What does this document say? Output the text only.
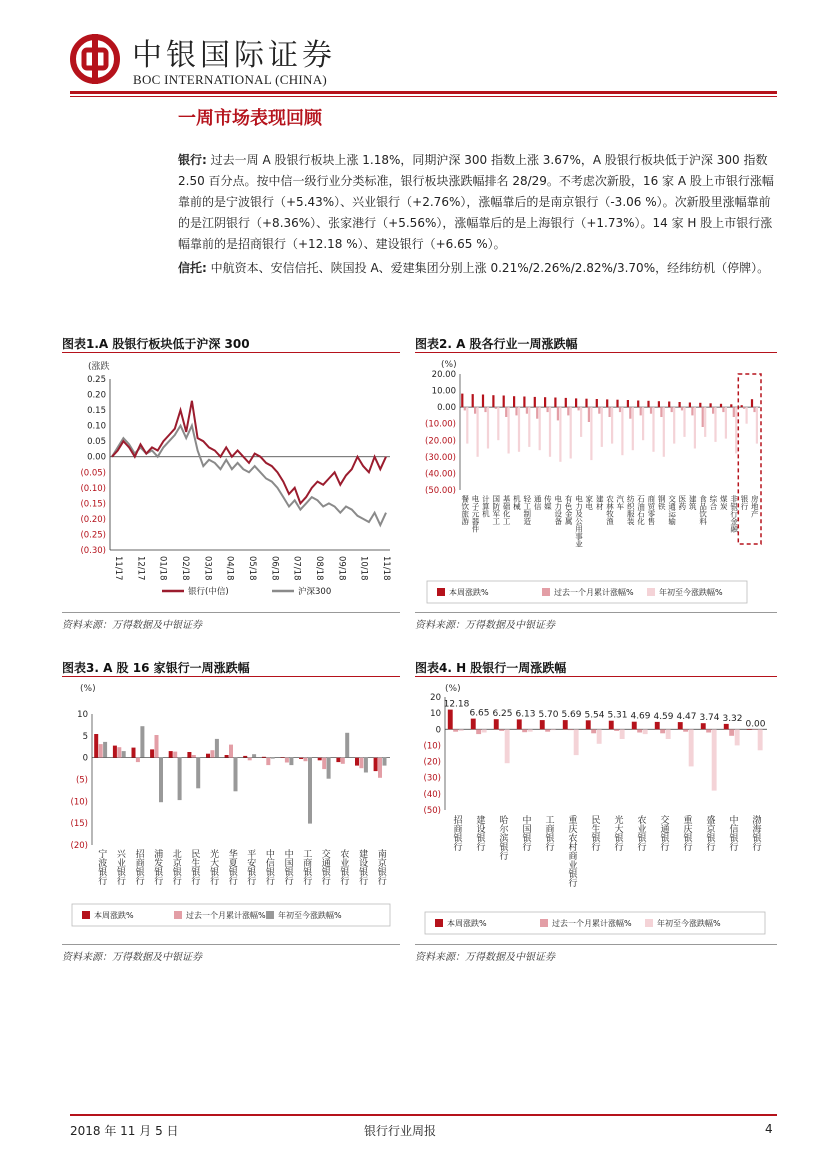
中银国际证券
BOC INTERNATIONAL (CHINA)
一周市场表现回顾
银行: 过去一周 A 股银行板块上涨 1.18%，同期沪深 300 指数上涨 3.67%，A 股银行板块低于沪深 300 指数 2.50 百分点。按中信一级行业分类标准，银行板块涨跌幅排名 28/29。不考虑次新股，16 家 A 股上市银行涨幅靠前的是宁波银行（+5.43%）、兴业银行（+2.76%），涨幅靠后的是南京银行（-3.06 %）。次新股里涨幅靠前的是江阴银行（+8.36%）、张家港行（+5.56%），涨幅靠后的是上海银行（+1.73%）。14 家 H 股上市银行涨幅靠前的是招商银行（+12.18 %）、建设银行（+6.65 %）。
信托: 中航资本、安信信托、陕国投 A、爱建集团分别上涨 0.21%/2.26%/2.82%/3.70%，经纬纺机（停牌）。
图表1.A 股银行板块低于沪深 300
(涨跌
0.25
0.20
0.15
0.10
0.05
0.00
(0.05)
(0.10)
(0.15)
(0.20)
(0.25)
(0.30)
11/17 12/17 01/18 02/18 03/18 04/18 05/18 06/18 07/18 08/18 09/18 10/18 11/18
银行(中信)	沪深300
资料来源：万得数据及中银证券
图表2. A 股各行业一周涨跌幅
(%)
20.00
10.00
0.00
(10.00)
(20.00)
(30.00)
(40.00)
(50.00)
餐饮旅游 电子元器件 计算机 国防军工 基础化工 机械 轻工制造 通信 传媒 电力设备 有色金属 电力及公用事业 家电 建材 农林牧渔 汽车 纺织服装 石油石化 商贸零售 钢铁 交通运输 医药 建筑 食品饮料 综合 煤炭 非银行金融 银行 房地产
本周涨跌%	过去一个月累计涨幅%	年初至今涨跌幅%
资料来源：万得数据及中银证券
图表3. A 股 16 家银行一周涨跌幅
(%)
10
5
0
(5)
(10)
(15)
(20)
宁波银行 兴业银行 招商银行 浦发银行 北京银行 民生银行 光大银行 华夏银行 平安银行 中信银行 中国银行 工商银行 交通银行 农业银行 建设银行 南京银行
本周涨跌%	过去一个月累计涨幅% 年初至今涨跌幅%
资料来源：万得数据及中银证券
图表4. H 股银行一周涨跌幅
(%)
20
10
0
(10)
(20)
(30)
(40)
(50)
12.18
6.65 6.25 6.13 5.70 5.69 5.54 5.31 4.69 4.59 4.47 3.74 3.32
0.00
招商银行 建设银行 哈尔滨银行 中国银行 工商银行 重庆农村商业银行 民生银行 光大银行 农业银行 交通银行 重庆银行 盛京银行 中信银行 渤海银行
本周涨跌%	过去一个月累计涨幅%	年初至今涨跌幅%
资料来源：万得数据及中银证券
2018 年 11 月 5 日	银行行业周报	4
